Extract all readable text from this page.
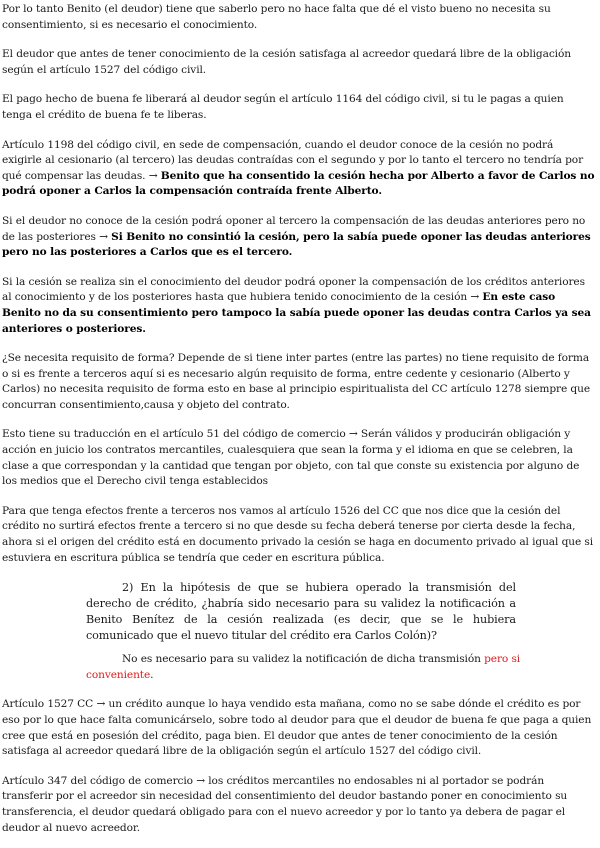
Por lo tanto Benito (el deudor) tiene que saberlo pero no hace falta que dé el visto bueno no necesita su consentimiento, si es necesario el conocimiento.

El deudor que antes de tener conocimiento de la cesión satisfaga al acreedor quedará libre de la obligación según el artículo 1527 del código civil.

El pago hecho de buena fe liberará al deudor según el artículo 1164 del código civil, si tu le pagas a quien tenga el crédito de buena fe te liberas.

Artículo 1198 del código civil, en sede de compensación, cuando el deudor conoce de la cesión no podrá exigirle al cesionario (al tercero) las deudas contraídas con el segundo y por lo tanto el tercero no tendría por qué compensar las deudas. → Benito que ha consentido la cesión hecha por Alberto a favor de Carlos no podrá oponer a Carlos la compensación contraída frente Alberto.

Si el deudor no conoce de la cesión podrá oponer al tercero la compensación de las deudas anteriores pero no de las posteriores → Si Benito no consintió la cesión, pero la sabía puede oponer las deudas anteriores pero no las posteriores a Carlos que es el tercero.

Si la cesión se realiza sin el conocimiento del deudor podrá oponer la compensación de los créditos anteriores al conocimiento y de los posteriores hasta que hubiera tenido conocimiento de la cesión → En este caso Benito no da su consentimiento pero tampoco la sabía puede oponer las deudas contra Carlos ya sea anteriores o posteriores.

¿Se necesita requisito de forma? Depende de si tiene inter partes (entre las partes) no tiene requisito de forma o si es frente a terceros aquí si es necesario algún requisito de forma, entre cedente y cesionario (Alberto y Carlos) no necesita requisito de forma esto en base al principio espiritualista del CC artículo 1278 siempre que concurran consentimiento,causa y objeto del contrato.

Esto tiene su traducción en el artículo 51 del código de comercio → Serán válidos y producirán obligación y acción en juicio los contratos mercantiles, cualesquiera que sean la forma y el idioma en que se celebren, la clase a que correspondan y la cantidad que tengan por objeto, con tal que conste su existencia por alguno de los medios que el Derecho civil tenga establecidos

Para que tenga efectos frente a terceros nos vamos al artículo 1526 del CC que nos dice que la cesión del crédito no surtirá efectos frente a tercero si no que desde su fecha deberá tenerse por cierta desde la fecha, ahora si el origen del crédito está en documento privado la cesión se haga en documento privado al igual que si estuviera en escritura pública se tendría que ceder en escritura pública.

2) En la hipótesis de que se hubiera operado la transmisión del derecho de crédito, ¿habría sido necesario para su validez la notificación a Benito Benítez de la cesión realizada (es decir, que se le hubiera comunicado que el nuevo titular del crédito era Carlos Colón)?
No es necesario para su validez la notificación de dicha transmisión pero si conveniente.

Artículo 1527 CC → un crédito aunque lo haya vendido esta mañana, como no se sabe dónde el crédito es por eso por lo que hace falta comunicárselo, sobre todo al deudor para que el deudor de buena fe que paga a quien cree que está en posesión del crédito, paga bien. El deudor que antes de tener conocimiento de la cesión satisfaga al acreedor quedará libre de la obligación según el artículo 1527 del código civil.

Artículo 347 del código de comercio → los créditos mercantiles no endosables ni al portador se podrán transferir por el acreedor sin necesidad del consentimiento del deudor bastando poner en conocimiento su transferencia, el deudor quedará obligado para con el nuevo acreedor y por lo tanto ya debera de pagar el deudor al nuevo acreedor.
